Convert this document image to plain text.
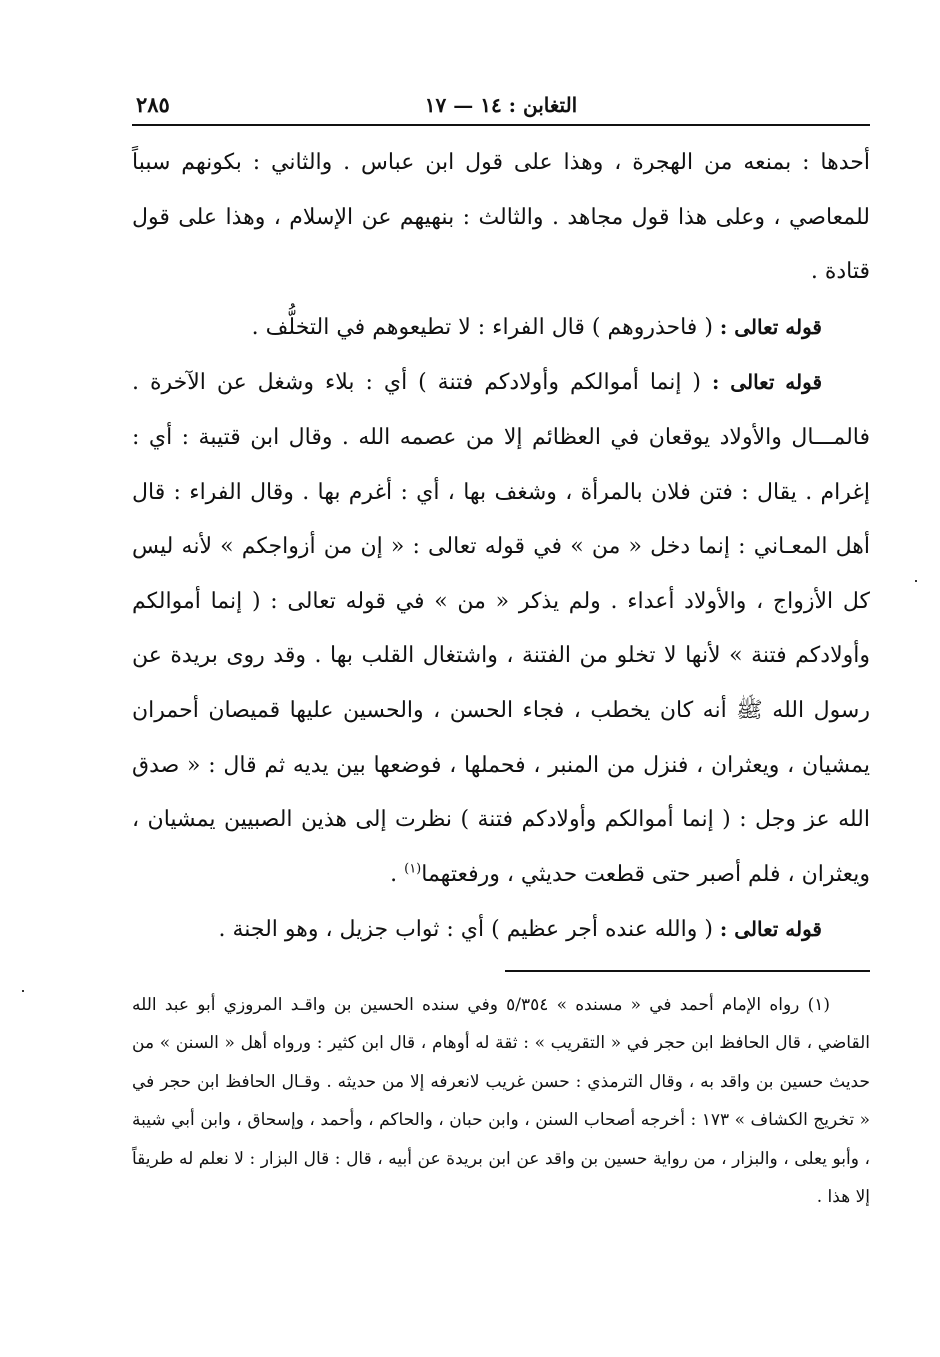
التغابن : ١٤ — ١٧
٢٨٥

أحدها : بمنعه من الهجرة ، وهذا على قول ابن عباس . والثاني : بكونهم سبباً للمعاصي ، وعلى هذا قول مجاهد . والثالث : بنهيهم عن الإسلام ، وهذا على قول قتادة .

قوله تعالى : ( فاحذروهم ) قال الفراء : لا تطيعوهم في التخلُّف .

قوله تعالى : ( إنما أموالكم وأولادكم فتنة ) أي : بلاء وشغل عن الآخرة . فالمـــال والأولاد يوقعان في العظائم إلا من عصمه الله . وقال ابن قتيبة : أي : إغرام . يقال : فتن فلان بالمرأة ، وشغف بها ، أي : أغرم بها . وقال الفراء : قال أهل المعـاني : إنما دخل « من » في قوله تعالى : « إن من أزواجكم » لأنه ليس كل الأزواج ، والأولاد أعداء . ولم يذكر « من » في قوله تعالى : ( إنما أموالكم وأولادكم فتنة » لأنها لا تخلو من الفتنة ، واشتغال القلب بها . وقد روى بريدة عن رسول الله ﷺ أنه كان يخطب ، فجاء الحسن ، والحسين عليها قميصان أحمران يمشيان ، ويعثران ، فنزل من المنبر ، فحملها ، فوضعها بين يديه ثم قال : « صدق الله عز وجل : ( إنما أموالكم وأولادكم فتنة ) نظرت إلى هذين الصبيين يمشيان ، ويعثران ، فلم أصبر حتى قطعت حديثي ، ورفعتهما$^{(١)}$ .

قوله تعالى : ( والله عنده أجر عظيم ) أي : ثواب جزيل ، وهو الجنة .

(١) رواه الإمام أحمد في « مسنده » ٥/٣٥٤ وفي سنده الحسين بن واقـد المروزي أبو عبد الله القاضي ، قال الحافظ ابن حجر في « التقريب » : ثقة له أوهام ، قال ابن كثير : ورواه أهل « السنن » من حديث حسين بن واقد به ، وقال الترمذي : حسن غريب لانعرفه إلا من حديثه . وقـال الحافظ ابن حجر في « تخريج الكشاف » ١٧٣ : أخرجه أصحاب السنن ، وابن حبان ، والحاكم ، وأحمد ، وإسحاق ، وابن أبي شيبة ، وأبو يعلى ، والبزار ، من رواية حسين بن واقد عن ابن بريدة عن أبيه ، قال : قال البزار : لا نعلم له طريقاً إلا هذا .
